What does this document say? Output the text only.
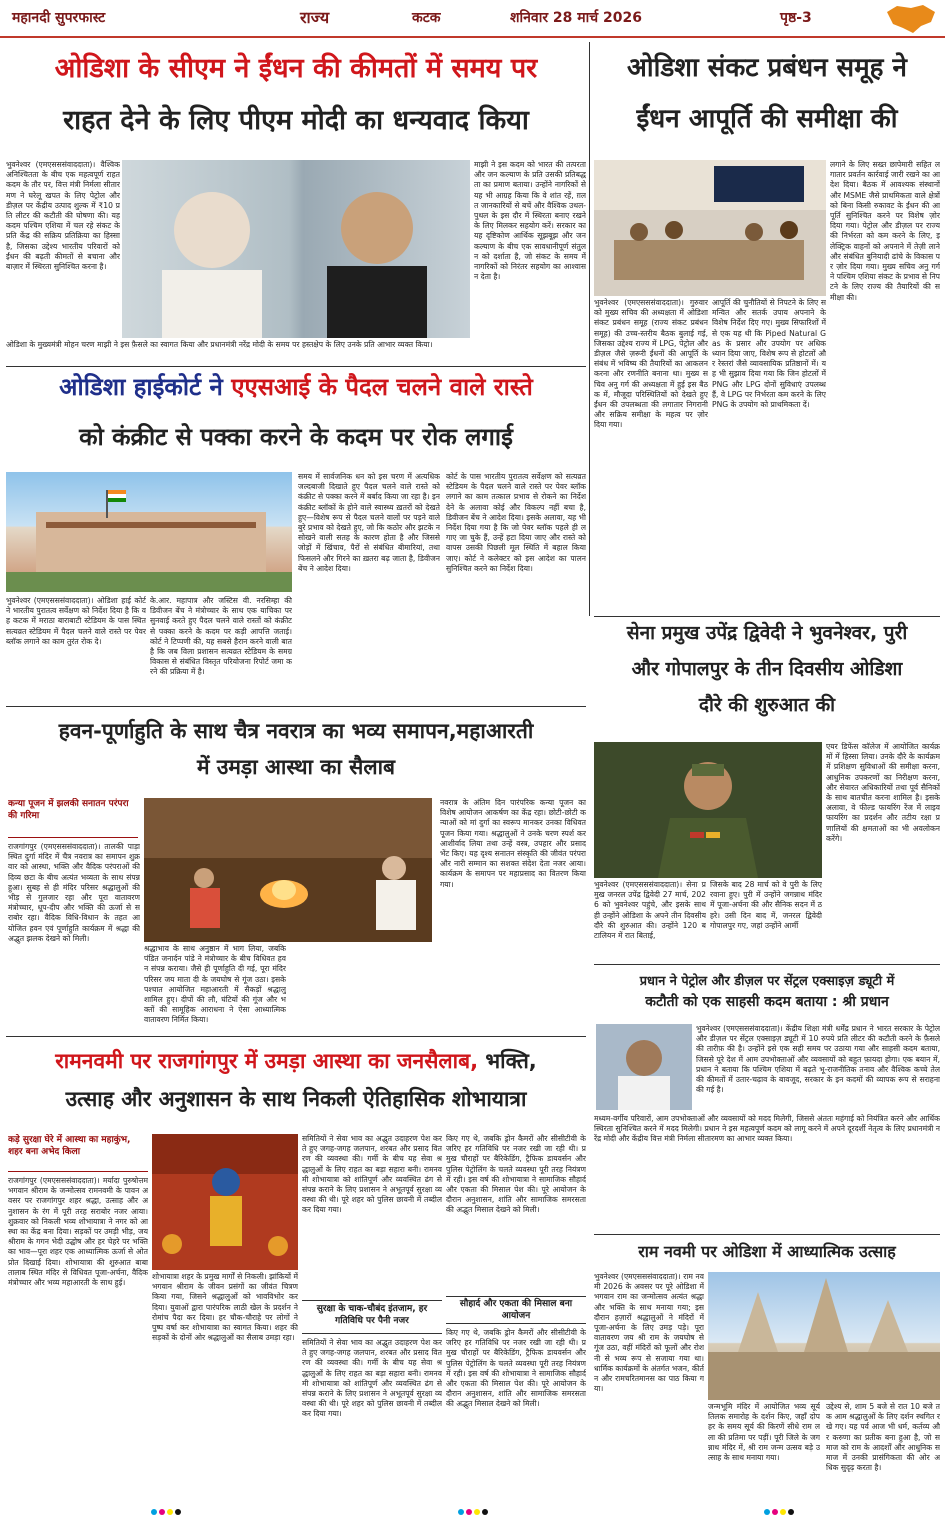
महानदी सुपरफास्ट	राज्य	कटक	शनिवार 28 मार्च 2026	पृष्ठ-3
ओडिशा के सीएम ने ईंधन की कीमतों में समय पर
राहत देने के लिए पीएम मोदी का धन्यवाद किया
भुवनेश्वर (एमएसससंवाददाता)। वैश्विक अनिश्चितता के बीच एक महत्वपूर्ण राहत कदम के तौर पर, वित्त मंत्री निर्मला सीतारमण ने घरेलू खपत के लिए पेट्रोल और डीज़ल पर केंद्रीय उत्पाद शुल्क में ₹10 प्रति लीटर की कटौती की घोषणा की। यह कदम पश्चिम एशिया में चल रहे संकट के प्रति केंद्र की सक्रिय प्रतिक्रिया का हिस्सा है, जिसका उद्देश्य भारतीय परिवारों को ईंधन की बढ़ती कीमतों से बचाना और बाज़ार में स्थिरता सुनिश्चित करना है।
ओडिशा के मुख्यमंत्री मोहन चरण माझी ने इस फ़ैसले का स्वागत किया और प्रधानमंत्री नरेंद्र मोदी के समय पर हस्तक्षेप के लिए उनके प्रति आभार व्यक्त किया।
माझी ने इस कदम को भारत की तत्परता और जन कल्याण के प्रति उसकी प्रतिबद्धता का प्रमाण बताया। उन्होंने नागरिकों से यह भी आग्रह किया कि वे शांत रहें, ग़लत जानकारियों से बचें और वैश्विक उथल-पुथल के इस दौर में स्थिरता बनाए रखने के लिए मिलकर सहयोग करें। सरकार का यह दृष्टिकोण आर्थिक सूझबूझ और जन कल्याण के बीच एक सावधानीपूर्ण संतुलन को दर्शाता है, जो संकट के समय में नागरिकों को निरंतर सहयोग का आश्वासन देता है।
ओडिशा संकट प्रबंधन समूह ने
ईंधन आपूर्ति की समीक्षा की
लगाने के लिए सख्त छापेमारी सहित लगातार प्रवर्तन कार्रवाई जारी रखने का आदेश दिया। बैठक में आवश्यक संस्थानों और MSME जैसे प्राथमिकता वाले क्षेत्रों को बिना किसी रुकावट के ईंधन की आपूर्ति सुनिश्चित करने पर विशेष ज़ोर दिया गया। पेट्रोल और डीज़ल पर राज्य की निर्भरता को कम करने के लिए, इलेक्ट्रिक वाहनों को अपनाने में तेज़ी लाने और संबंधित बुनियादी ढांचे के विकास पर ज़ोर दिया गया। मुख्य सचिव अनु गर्ग ने पश्चिम एशिया संकट के प्रभाव से निपटने के लिए राज्य की तैयारियों की समीक्षा की।
भुवनेश्वर (एमएसससंवाददाता)। गुरुवार को मुख्य सचिव की अध्यक्षता में ओडिशा संकट प्रबंधन समूह (राज्य संकट प्रबंधन समूह) की उच्च-स्तरीय बैठक बुलाई गई, जिसका उद्देश्य राज्य में LPG, पेट्रोल और डीज़ल जैसे ज़रूरी ईंधनों की आपूर्ति के संबंध में भविष्य की तैयारियों का आकलन करना और रणनीति बनाना था। मुख्य सचिव अनु गर्ग की अध्यक्षता में हुई इस बैठक में, मौजूदा परिस्थितियों को देखते हुए ईंधन की उपलब्धता की लगातार निगरानी और सक्रिय समीक्षा के महत्व पर ज़ोर दिया गया।
आपूर्ति की चुनौतियों से निपटने के लिए समन्वित और सतर्क उपाय अपनाने के विशेष निर्देश दिए गए। मुख्य सिफारिशों में से एक यह थी कि Piped Natural Gas के प्रसार और उपयोग पर अधिक ध्यान दिया जाए, विशेष रूप से होटलों और रेस्तरां जैसे व्यावसायिक प्रतिष्ठानों में। यह भी सुझाव दिया गया कि जिन होटलों में PNG और LPG दोनों सुविधाएं उपलब्ध हैं, वे LPG पर निर्भरता कम करने के लिए PNG के उपयोग को प्राथमिकता दें।
ओडिशा हाईकोर्ट ने एएसआई के पैदल चलने वाले रास्ते
को कंक्रीट से पक्का करने के कदम पर रोक लगाई
भुवनेश्वर (एमएसससंवाददाता)। ओडिशा हाई कोर्ट ने भारतीय पुरातत्व सर्वेक्षण को निर्देश दिया है कि वह कटक में मराठा बाराबाटी स्टेडियम के पास स्थित सत्यव्रत स्टेडियम में पैदल चलने वाले रास्ते पर पेवर ब्लॉक लगाने का काम तुरंत रोक दे।
के.आर. महापात्र और जस्टिस वी. नरसिम्हा की डिवीजन बेंच ने मंत्रोच्चार के साथ एक याचिका पर सुनवाई करते हुए पैदल चलने वाले रास्तों को कंक्रीट से पक्का करने के कदम पर कड़ी आपत्ति जताई। कोर्ट ने टिप्पणी की, यह सबसे हैरान करने वाली बात है कि जब विला प्रशासन सत्यव्रत स्टेडियम के समग्र विकास से संबंधित विस्तृत परियोजना रिपोर्ट जमा करने की प्रक्रिया में है।
समय में सार्वजनिक धन को इस चरण में अत्यधिक जल्दबाजी दिखाते हुए पैदल चलने वाले रास्ते को कंक्रीट से पक्का करने में बर्बाद किया जा रहा है। इन कंक्रीट ब्लॉकों के होने वाले स्वास्थ्य ख़तरों को देखते हुए—विशेष रूप से पैदल चलने वालों पर पड़ने वाले बुरे प्रभाव को देखते हुए, जो कि कठोर और झटके न सोखने वाली सतह के कारण होता है और जिससे जोड़ों में खिंचाव, पैरों से संबंधित बीमारियां, तथा फिसलने और गिरने का ख़तरा बढ़ जाता है, डिवीजन बेंच ने आदेश दिया।
कोर्ट के पास भारतीय पुरातत्व सर्वेक्षण को सत्यव्रत स्टेडियम के पैदल चलने वाले रास्ते पर पेवर ब्लॉक लगाने का काम तत्काल प्रभाव से रोकने का निर्देश देने के अलावा कोई और विकल्प नहीं बचा है, डिवीजन बेंच ने आदेश दिया। इसके अलावा, यह भी निर्देश दिया गया है कि जो पेवर ब्लॉक पहले ही लगाए जा चुके हैं, उन्हें हटा दिया जाए और रास्ते को वापस उसकी पिछली मूल स्थिति में बहाल किया जाए। कोर्ट ने कलेक्टर को इस आदेश का पालन सुनिश्चित करने का निर्देश दिया।
हवन-पूर्णाहुति के साथ चैत्र नवरात्र का भव्य समापन,महाआरती
में उमड़ा आस्था का सैलाब
कन्या पूजन में झलकी सनातन परंपरा की गरिमा
राजगांगपुर (एमएसससंवाददाता)। तालकी पाड़ा स्थित दुर्गा मंदिर में चैत्र नवरात्र का समापन शुक्रवार को आस्था, भक्ति और वैदिक परंपराओं की दिव्य छटा के बीच अत्यंत भव्यता के साथ संपन्न हुआ। सुबह से ही मंदिर परिसर श्रद्धालुओं की भीड़ से गुलजार रहा और पूरा वातावरण मंत्रोच्चार, धूप-दीप और भक्ति की ऊर्जा से सराबोर रहा। वैदिक विधि-विधान के तहत आयोजित हवन एवं पूर्णाहुति कार्यक्रम में श्रद्धा की अद्भुत झलक देखने को मिली।
श्रद्धाभाव के साथ अनुष्ठान में भाग लिया, जबकि पंडित जनार्दन पांडे ने मंत्रोच्चार के बीच विधिवत हवन संपन्न कराया। जैसे ही पूर्णाहुति दी गई, पूरा मंदिर परिसर जय माता दी के जयघोष से गूंज उठा। इसके पश्चात आयोजित महाआरती में सैकड़ों श्रद्धालु शामिल हुए। दीपों की लौ, घंटियों की गूंज और भक्तों की सामूहिक आराधना ने ऐसा आध्यात्मिक वातावरण निर्मित किया।
नवरात्र के अंतिम दिन पारंपरिक कन्या पूजन का विशेष आयोजन आकर्षण का केंद्र रहा। छोटी-छोटी कन्याओं को मां दुर्गा का स्वरूप मानकर उनका विधिवत पूजन किया गया। श्रद्धालुओं ने उनके चरण स्पर्श कर आशीर्वाद लिया तथा उन्हें वस्त्र, उपहार और प्रसाद भेंट किए। यह दृश्य सनातन संस्कृति की जीवंत परंपरा और नारी सम्मान का सशक्त संदेश देता नजर आया। कार्यक्रम के समापन पर महाप्रसाद का वितरण किया गया।
रामनवमी पर राजगांगपुर में उमड़ा आस्था का जनसैलाब, भक्ति,
उत्साह और अनुशासन के साथ निकली ऐतिहासिक शोभायात्रा
कड़े सुरक्षा घेरे में आस्था का महाकुंभ, शहर बना अभेद किला
राजगांगपुर (एमएसससंवाददाता)। मर्यादा पुरुषोत्तम भगवान श्रीराम के जन्मोत्सव रामनवमी के पावन अवसर पर राजगांगपुर शहर श्रद्धा, उत्साह और अनुशासन के रंग में पूरी तरह सराबोर नजर आया। शुक्रवार को निकली भव्य शोभायात्रा ने नगर को आस्था का केंद्र बना दिया। सड़कों पर उमड़ी भीड़, जय श्रीराम के गगन भेदी उद्घोष और हर चेहरे पर भक्ति का भाव—पूरा शहर एक आध्यात्मिक ऊर्जा से ओतप्रोत दिखाई दिया। शोभायात्रा की शुरुआत बाबा तालाब स्थित मंदिर से विधिवत पूजा-अर्चना, वैदिक मंत्रोच्चार और भव्य महाआरती के साथ हुई।
शोभायात्रा शहर के प्रमुख मार्गों से निकली। झांकियों में भगवान श्रीराम के जीवन प्रसंगों का जीवंत चित्रण किया गया, जिसने श्रद्धालुओं को भावविभोर कर दिया। युवाओं द्वारा पारंपरिक लाठी खेल के प्रदर्शन ने रोमांच पैदा कर दिया। हर चौक-चौराहे पर लोगों ने पुष्प वर्षा कर शोभायात्रा का स्वागत किया। शहर की सड़कों के दोनों ओर श्रद्धालुओं का सैलाब उमड़ा रहा।
समितियों ने सेवा भाव का अद्भुत उदाहरण पेश करते हुए जगह-जगह जलपान, शरबत और प्रसाद वितरण की व्यवस्था की। गर्मी के बीच यह सेवा श्रद्धालुओं के लिए राहत का बड़ा सहारा बनी। रामनवमी शोभायात्रा को शांतिपूर्ण और व्यवस्थित ढंग से संपन्न कराने के लिए प्रशासन ने अभूतपूर्व सुरक्षा व्यवस्था की थी। पूरे शहर को पुलिस छावनी में तब्दील कर दिया गया।
सुरक्षा के चाक-चौबंद इंतजाम, हर गतिविधि पर पैनी नजर
समितियों ने सेवा भाव का अद्भुत उदाहरण पेश करते हुए जगह-जगह जलपान, शरबत और प्रसाद वितरण की व्यवस्था की। गर्मी के बीच यह सेवा श्रद्धालुओं के लिए राहत का बड़ा सहारा बनी। रामनवमी शोभायात्रा को शांतिपूर्ण और व्यवस्थित ढंग से संपन्न कराने के लिए प्रशासन ने अभूतपूर्व सुरक्षा व्यवस्था की थी। पूरे शहर को पुलिस छावनी में तब्दील कर दिया गया।
किए गए थे, जबकि ड्रोन कैमरों और सीसीटीवी के जरिए हर गतिविधि पर नजर रखी जा रही थी। प्रमुख चौराहों पर बैरिकेडिंग, ट्रैफिक डायवर्सन और पुलिस पेट्रोलिंग के चलते व्यवस्था पूरी तरह नियंत्रण में रही। इस वर्ष की शोभायात्रा ने सामाजिक सौहार्द और एकता की मिसाल पेश की। पूरे आयोजन के दौरान अनुशासन, शांति और सामाजिक समरसता की अद्भुत मिसाल देखने को मिली।
सौहार्द और एकता की मिसाल बना आयोजन
किए गए थे, जबकि ड्रोन कैमरों और सीसीटीवी के जरिए हर गतिविधि पर नजर रखी जा रही थी। प्रमुख चौराहों पर बैरिकेडिंग, ट्रैफिक डायवर्सन और पुलिस पेट्रोलिंग के चलते व्यवस्था पूरी तरह नियंत्रण में रही। इस वर्ष की शोभायात्रा ने सामाजिक सौहार्द और एकता की मिसाल पेश की। पूरे आयोजन के दौरान अनुशासन, शांति और सामाजिक समरसता की अद्भुत मिसाल देखने को मिली।
सेना प्रमुख उपेंद्र द्विवेदी ने भुवनेश्वर, पुरी
और गोपालपुर के तीन दिवसीय ओडिशा
दौरे की शुरुआत की
एयर डिफेंस कॉलेज में आयोजित कार्यक्रमों में हिस्सा लिया। उनके दौरे के कार्यक्रम में प्रशिक्षण सुविधाओं की समीक्षा करना, आधुनिक उपकरणों का निरीक्षण करना, और सेवारत अधिकारियों तथा पूर्व सैनिकों के साथ बातचीत करना शामिल है। इसके अलावा, वे फील्ड फायरिंग रेंज में लाइव फायरिंग का प्रदर्शन और तटीय रक्षा प्रणालियों की क्षमताओं का भी अवलोकन करेंगे।
भुवनेश्वर (एमएसससंवाददाता)। सेना प्रमुख जनरल उपेंद्र द्विवेदी 27 मार्च, 2026 को भुवनेश्वर पहुंचे, और इसके साथ ही उन्होंने ओडिशा के अपने तीन दिवसीय दौरे की शुरुआत की। उन्होंने 120 बटालियन में रात बिताई,
जिसके बाद 28 मार्च को वे पुरी के लिए रवाना हुए। पुरी में उन्होंने जगन्नाथ मंदिर में पूजा-अर्चना की और सैनिक सदन में ठहरे। उसी दिन बाद में, जनरल द्विवेदी गोपालपुर गए, जहां उन्होंने आर्मी
प्रधान ने पेट्रोल और डीज़ल पर सेंट्रल एक्साइज़ ड्यूटी में
कटौती को एक साहसी कदम बताया : श्री प्रधान
भुवनेश्वर (एमएसससंवाददाता)। केंद्रीय शिक्षा मंत्री धर्मेंद्र प्रधान ने भारत सरकार के पेट्रोल और डीज़ल पर सेंट्रल एक्साइज़ ड्यूटी में 10 रुपये प्रति लीटर की कटौती करने के फ़ैसले की तारीफ़ की है। उन्होंने इसे एक सही समय पर उठाया गया और साहसी कदम बताया, जिससे पूरे देश में आम उपभोक्ताओं और व्यवसायों को बहुत फ़ायदा होगा। एक बयान में, प्रधान ने बताया कि पश्चिम एशिया में बढ़ते भू-राजनीतिक तनाव और वैश्विक कच्चे तेल की कीमतों में उतार-चढ़ाव के बावजूद, सरकार के इन कदमों की व्यापक रूप से सराहना की गई है।
मध्यम-वर्गीय परिवारों, आम उपभोक्ताओं और व्यवसायों को मदद मिलेगी, जिससे अंततः महंगाई को नियंत्रित करने और आर्थिक स्थिरता सुनिश्चित करने में मदद मिलेगी। प्रधान ने इस महत्वपूर्ण कदम को लागू करने में अपने दूरदर्शी नेतृत्व के लिए प्रधानमंत्री नरेंद्र मोदी और केंद्रीय वित्त मंत्री निर्मला सीतारमण का आभार व्यक्त किया।
राम नवमी पर ओडिशा में आध्यात्मिक उत्साह
भुवनेश्वर (एमएसससंवाददाता)। राम नवमी 2026 के अवसर पर पूरे ओडिशा में भगवान राम का जन्मोत्सव अत्यंत श्रद्धा और भक्ति के साथ मनाया गया; इस दौरान हज़ारों श्रद्धालुओं ने मंदिरों में पूजा-अर्चना के लिए उमड़ पड़े। पूरा वातावरण जय श्री राम के जयघोष से गूंज उठा, वहीं मंदिरों को फूलों और रोशनी से भव्य रूप से सजाया गया था। धार्मिक कार्यक्रमों के अंतर्गत भजन, कीर्तन और रामचरितमानस का पाठ किया गया।
जन्मभूमि मंदिर में आयोजित भव्य सूर्य तिलक समारोह के दर्शन किए, जहाँ दोपहर के समय सूर्य की किरणें सीधे राम लला की प्रतिमा पर पड़ीं। पूरी जिले के जगन्नाथ मंदिर में, श्री राम जन्म उत्सव बड़े उत्साह के साथ मनाया गया।
उद्देश्य से, शाम 5 बजे से रात 10 बजे तक आम श्रद्धालुओं के लिए दर्शन स्थगित रखे गए। यह पर्व आज भी धर्म, कर्तव्य और करुणा का प्रतीक बना हुआ है, जो समाज को राम के आदर्शों और आधुनिक समाज में उनकी प्रासंगिकता की ओर अधिक सुदृढ़ करता है।
